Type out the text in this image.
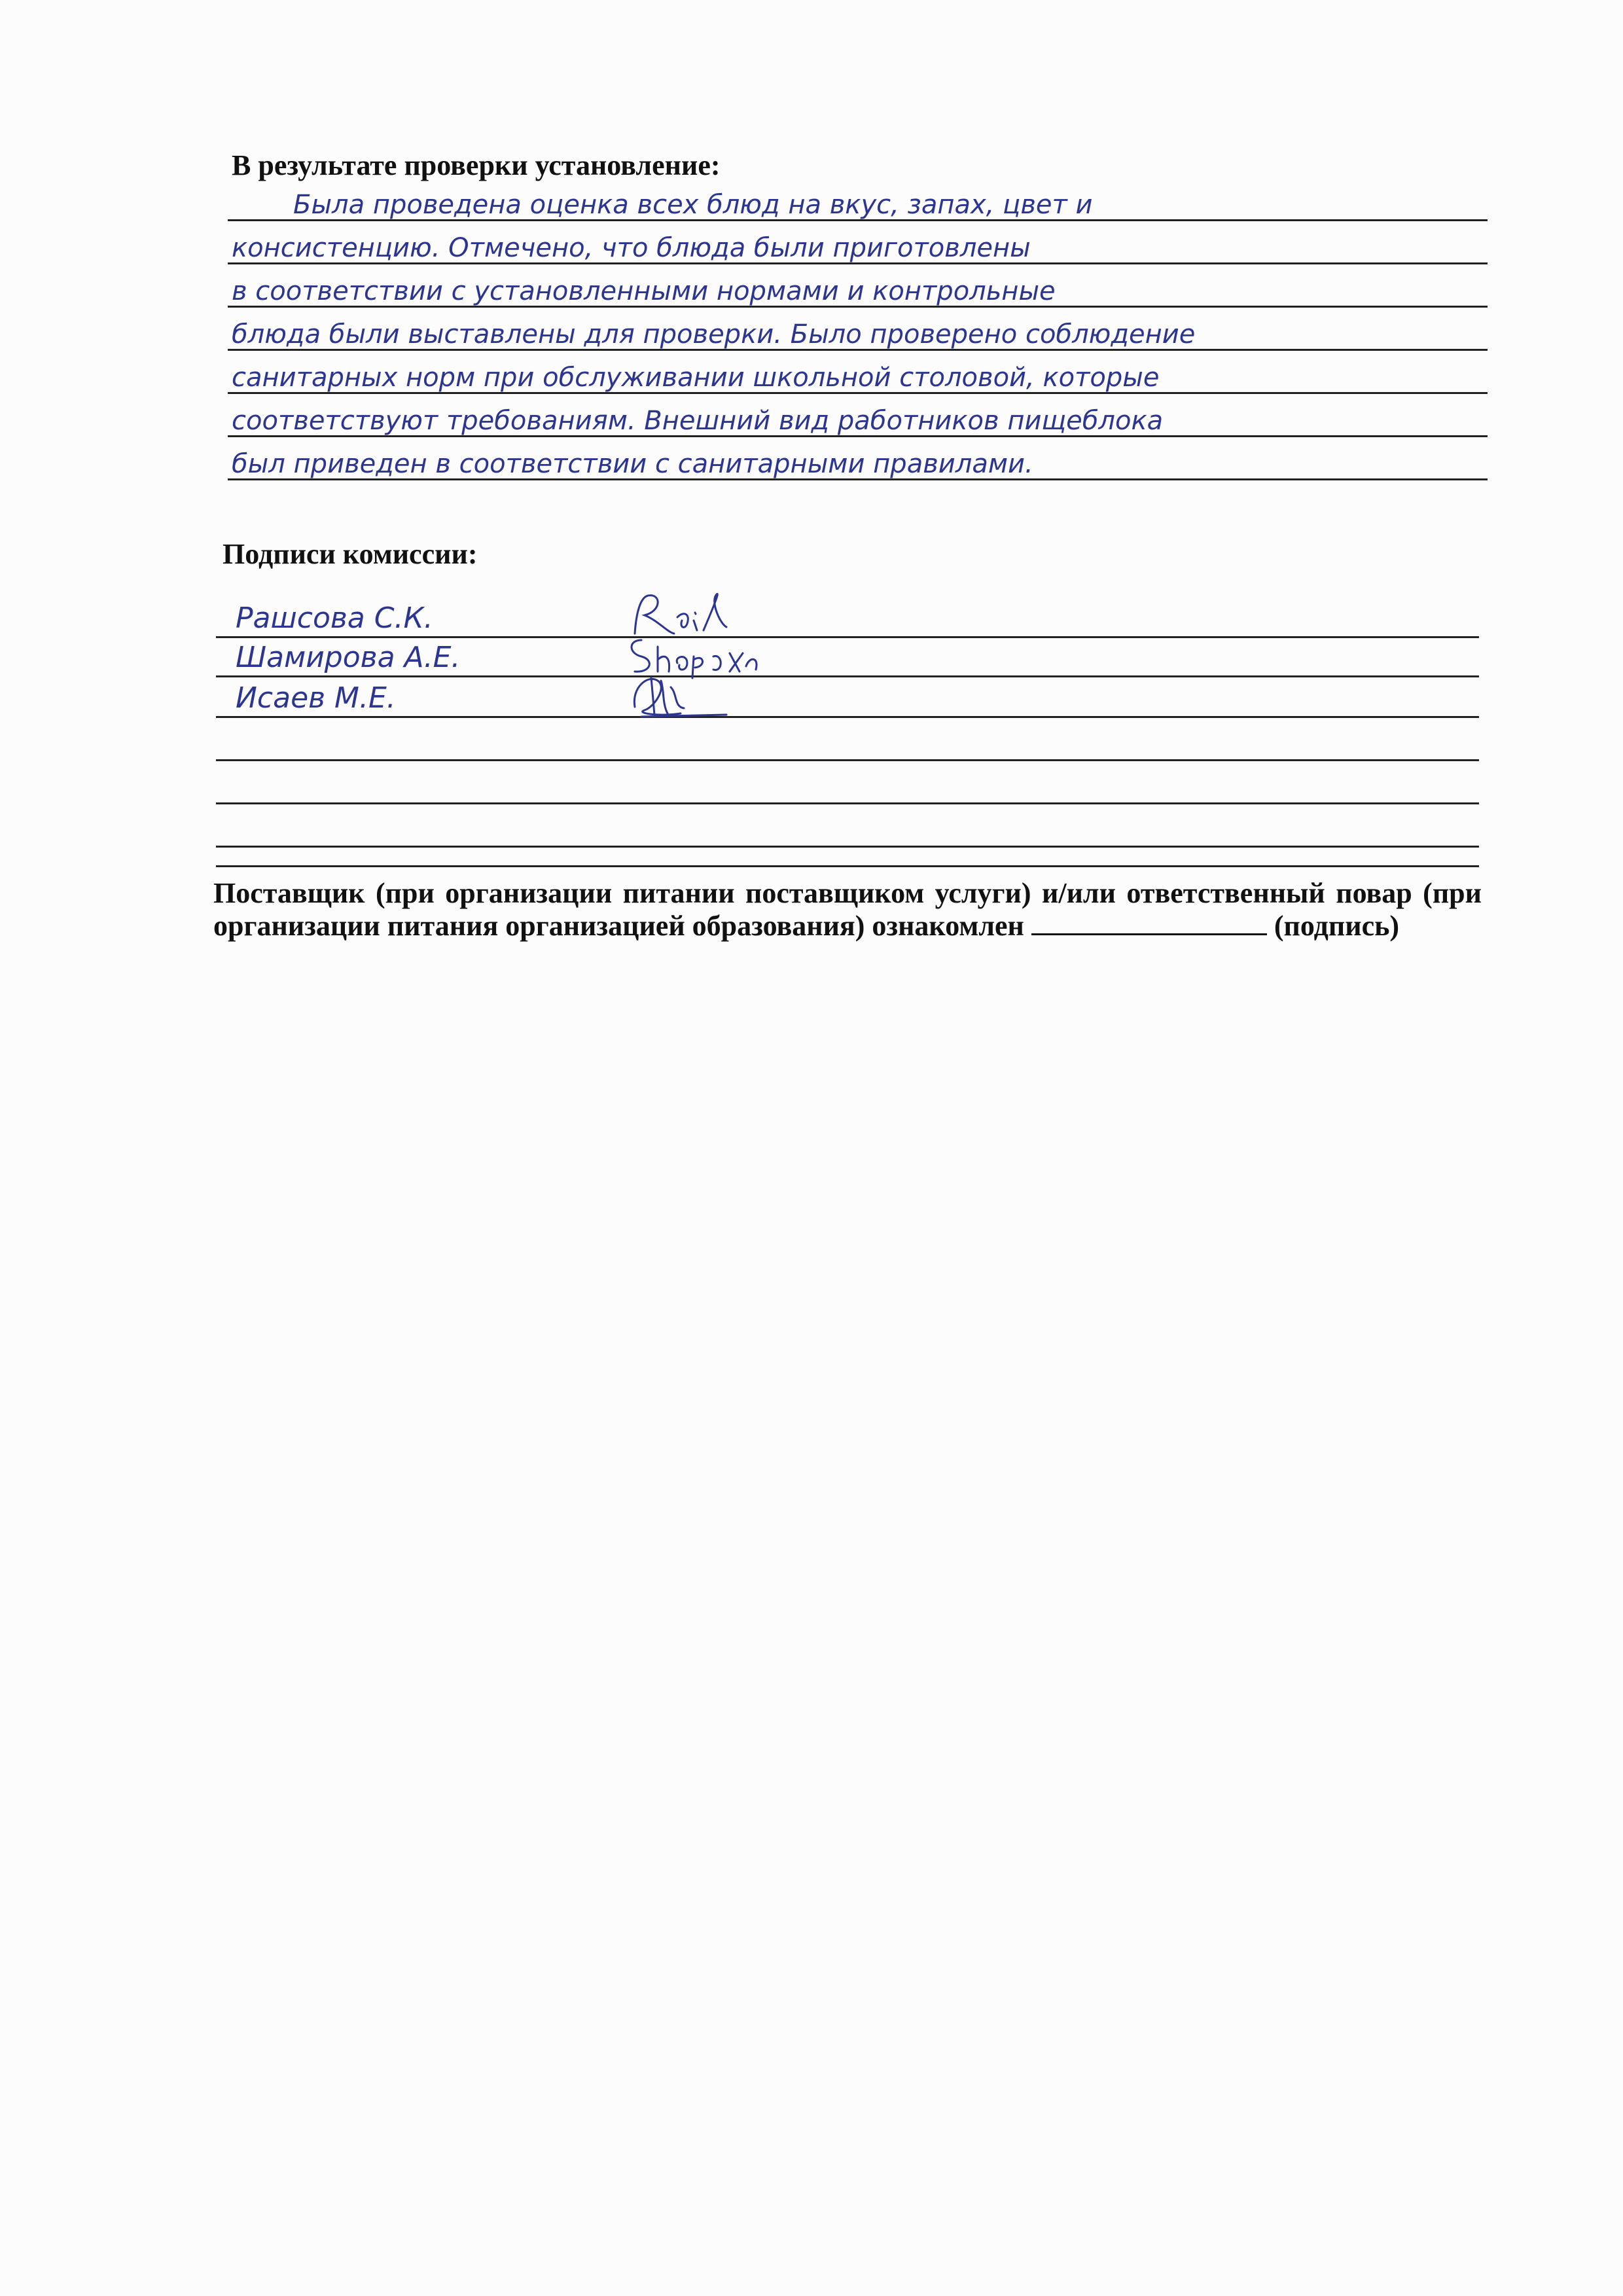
В результате проверки установление:
Была проведена оценка всех блюд на вкус, запах, цвет и
консистенцию. Отмечено, что блюда были приготовлены
в соответствии с установленными нормами и контрольные
блюда были выставлены для проверки. Было проверено соблюдение
санитарных норм при обслуживании школьной столовой, которые
соответствуют требованиям. Внешний вид работников пищеблока
был приведен в соответствии с санитарными правилами.
Подписи комиссии:
Рашсова С.К.
Шамирова А.Е.
Исаев М.Е.
Поставщик (при организации питании поставщиком услуги) и/или ответственный повар (при организации питания организацией образования) ознакомлен	(подпись)
